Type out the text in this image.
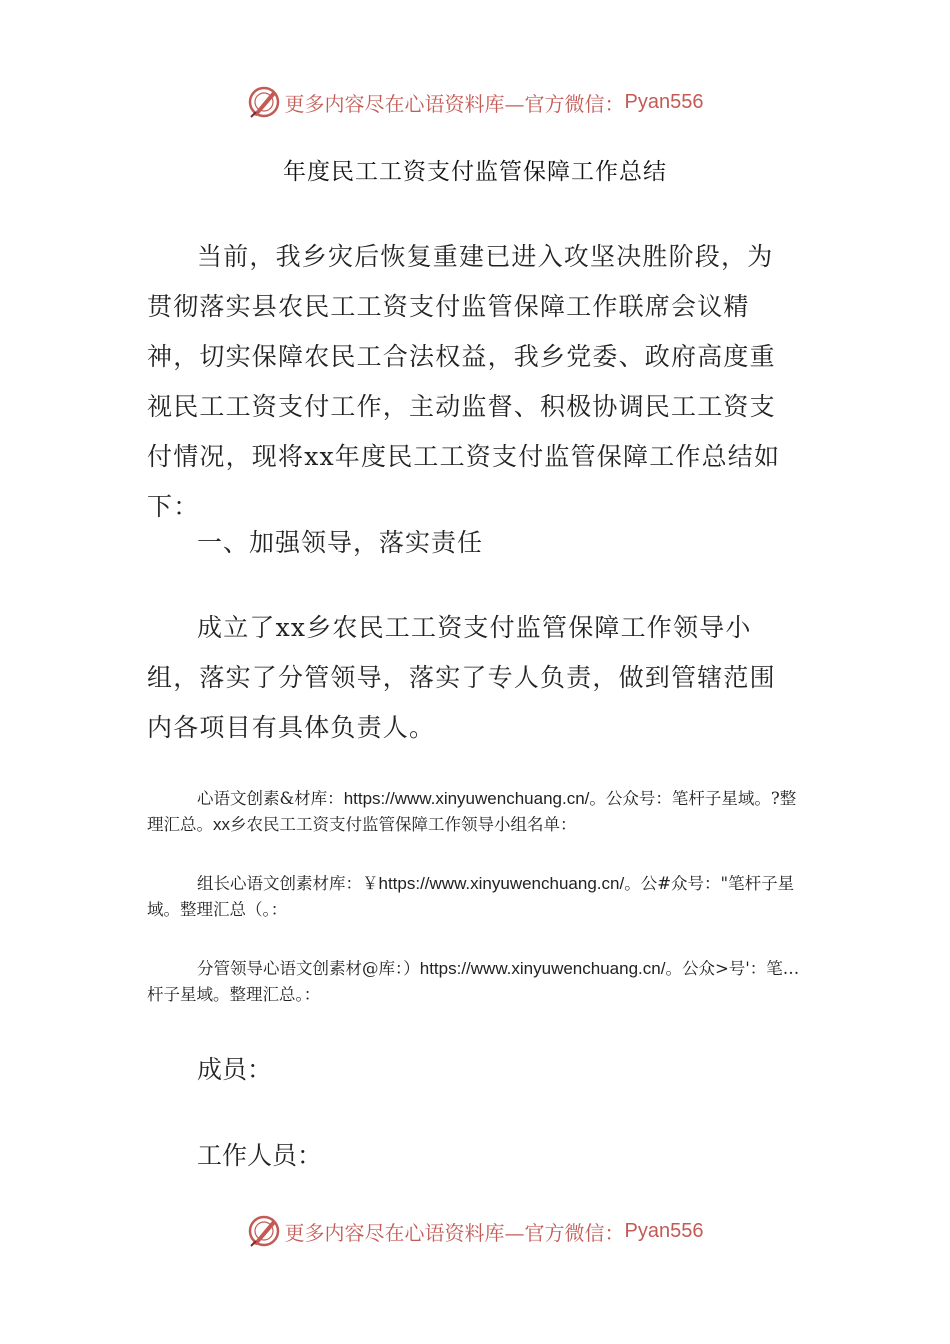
更多内容尽在心语资料库—官方微信： Pyan556
年度民工工资支付监管保障工作总结

当前，我乡灾后恢复重建已进入攻坚决胜阶段，为贯彻落实县农民工工资支付监管保障工作联席会议精神，切实保障农民工合法权益，我乡党委、政府高度重视民工工资支付工作，主动监督、积极协调民工工资支付情况，现将xx年度民工工资支付监管保障工作总结如下：

一、加强领导，落实责任

成立了xx乡农民工工资支付监管保障工作领导小组，落实了分管领导，落实了专人负责，做到管辖范围内各项目有具体负责人。

心语文创素&材库：https://www.xinyuwenchuang.cn/。公众号：笔杆子星域。?整理汇总。xx乡农民工工资支付监管保障工作领导小组名单：

组长心语文创素材库：￥https://www.xinyuwenchuang.cn/。公#众号："笔杆子星域。整理汇总（。：

分管领导心语文创素材@库：）https://www.xinyuwenchuang.cn/。公众>号'：笔…杆子星域。整理汇总。：

成员：

工作人员：

更多内容尽在心语资料库—官方微信： Pyan556
